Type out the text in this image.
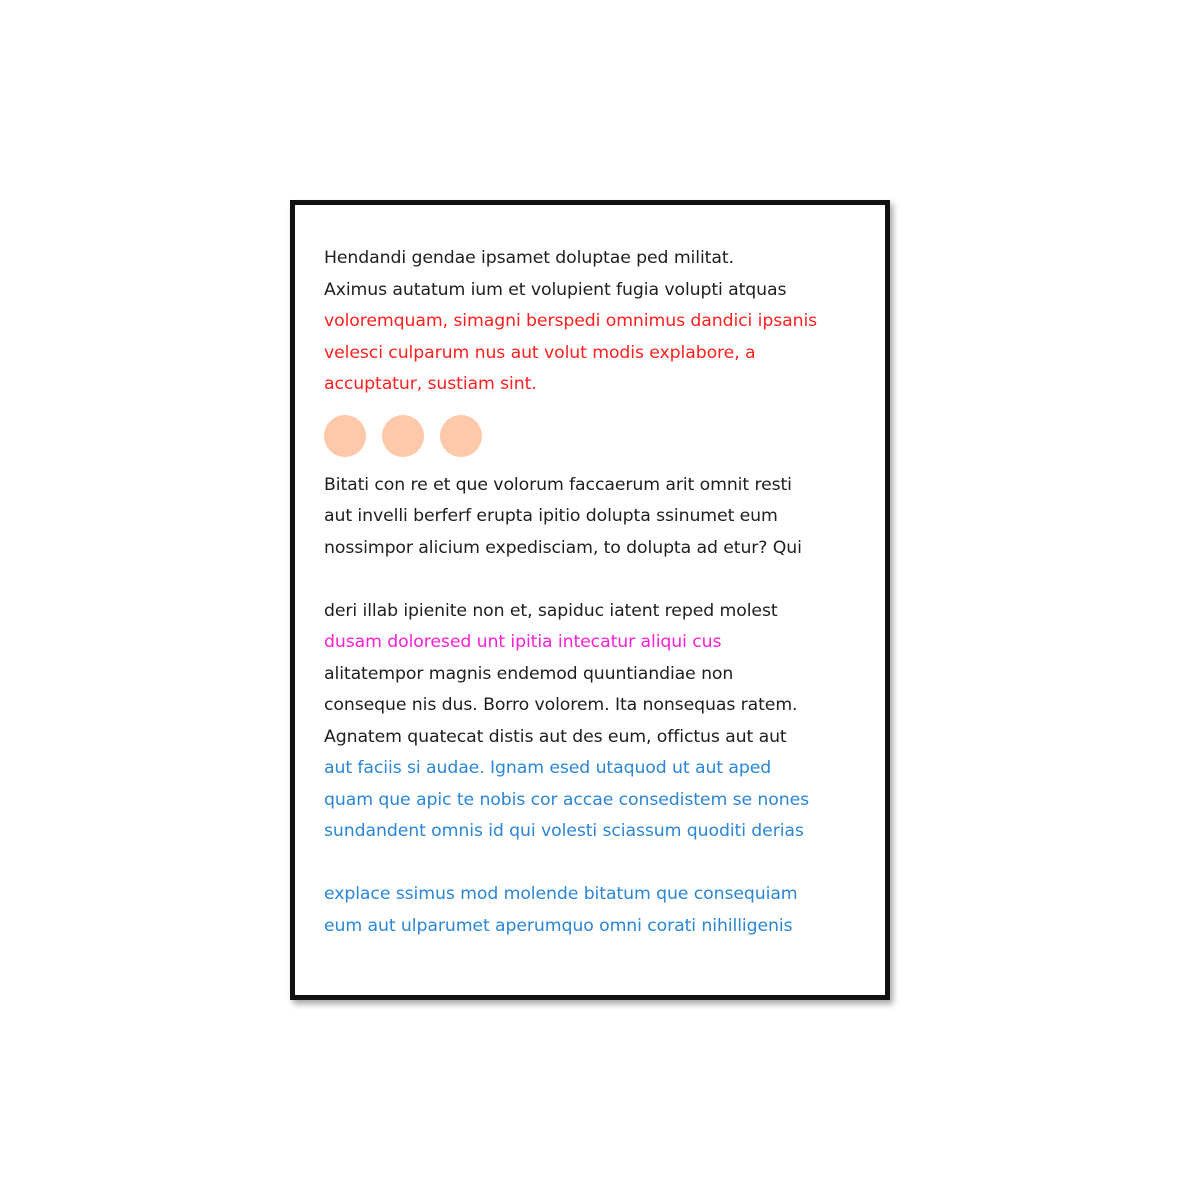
Hendandi gendae ipsamet doluptae ped militat.
Aximus autatum ium et volupient fugia volupti atquas
voloremquam, simagni berspedi omnimus dandici ipsanis
velesci culparum nus aut volut modis explabore, a
accuptatur, sustiam sint.
Bitati con re et que volorum faccaerum arit omnit resti
aut invelli berferf erupta ipitio dolupta ssinumet eum
nossimpor alicium expedisciam, to dolupta ad etur? Qui
deri illab ipienite non et, sapiduc iatent reped molest
dusam doloresed unt ipitia intecatur aliqui cus
alitatempor magnis endemod quuntiandiae non
conseque nis dus. Borro volorem. Ita nonsequas ratem.
Agnatem quatecat distis aut des eum, offictus aut aut
aut faciis si audae. Ignam esed utaquod ut aut aped
quam que apic te nobis cor accae consedistem se nones
sundandent omnis id qui volesti sciassum quoditi derias
explace ssimus mod molende bitatum que consequiam
eum aut ulparumet aperumquo omni corati nihilligenis
